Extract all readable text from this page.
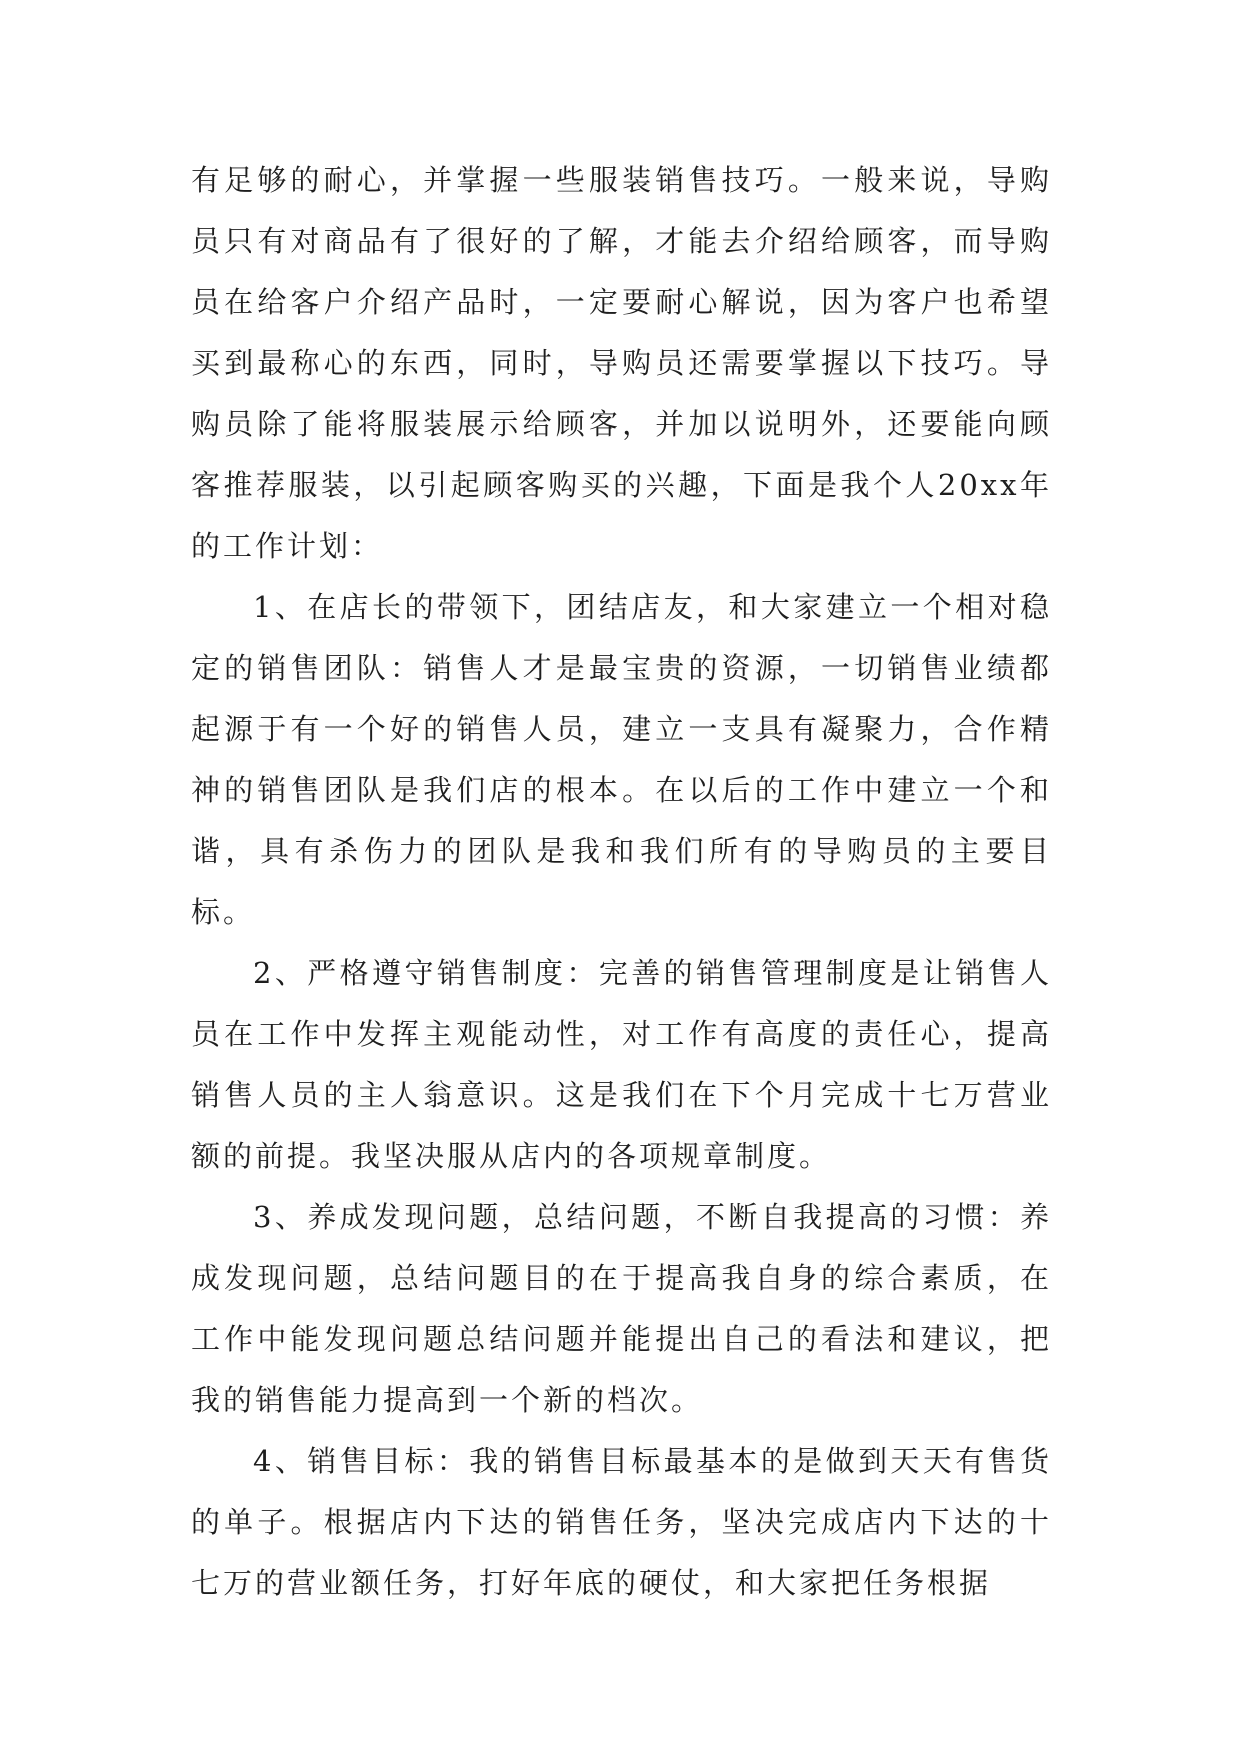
有足够的耐心，并掌握一些服装销售技巧。一般来说，导购员只有对商品有了很好的了解，才能去介绍给顾客，而导购员在给客户介绍产品时，一定要耐心解说，因为客户也希望买到最称心的东西，同时，导购员还需要掌握以下技巧。导购员除了能将服装展示给顾客，并加以说明外，还要能向顾客推荐服装，以引起顾客购买的兴趣，下面是我个人20xx年的工作计划：

1、在店长的带领下，团结店友，和大家建立一个相对稳定的销售团队：销售人才是最宝贵的资源，一切销售业绩都起源于有一个好的销售人员，建立一支具有凝聚力，合作精神的销售团队是我们店的根本。在以后的工作中建立一个和谐，具有杀伤力的团队是我和我们所有的导购员的主要目标。

2、严格遵守销售制度：完善的销售管理制度是让销售人员在工作中发挥主观能动性，对工作有高度的责任心，提高销售人员的主人翁意识。这是我们在下个月完成十七万营业额的前提。我坚决服从店内的各项规章制度。

3、养成发现问题，总结问题，不断自我提高的习惯：养成发现问题，总结问题目的在于提高我自身的综合素质，在工作中能发现问题总结问题并能提出自己的看法和建议，把我的销售能力提高到一个新的档次。

4、销售目标：我的销售目标最基本的是做到天天有售货的单子。根据店内下达的销售任务，坚决完成店内下达的十七万的营业额任务，打好年底的硬仗，和大家把任务根据
